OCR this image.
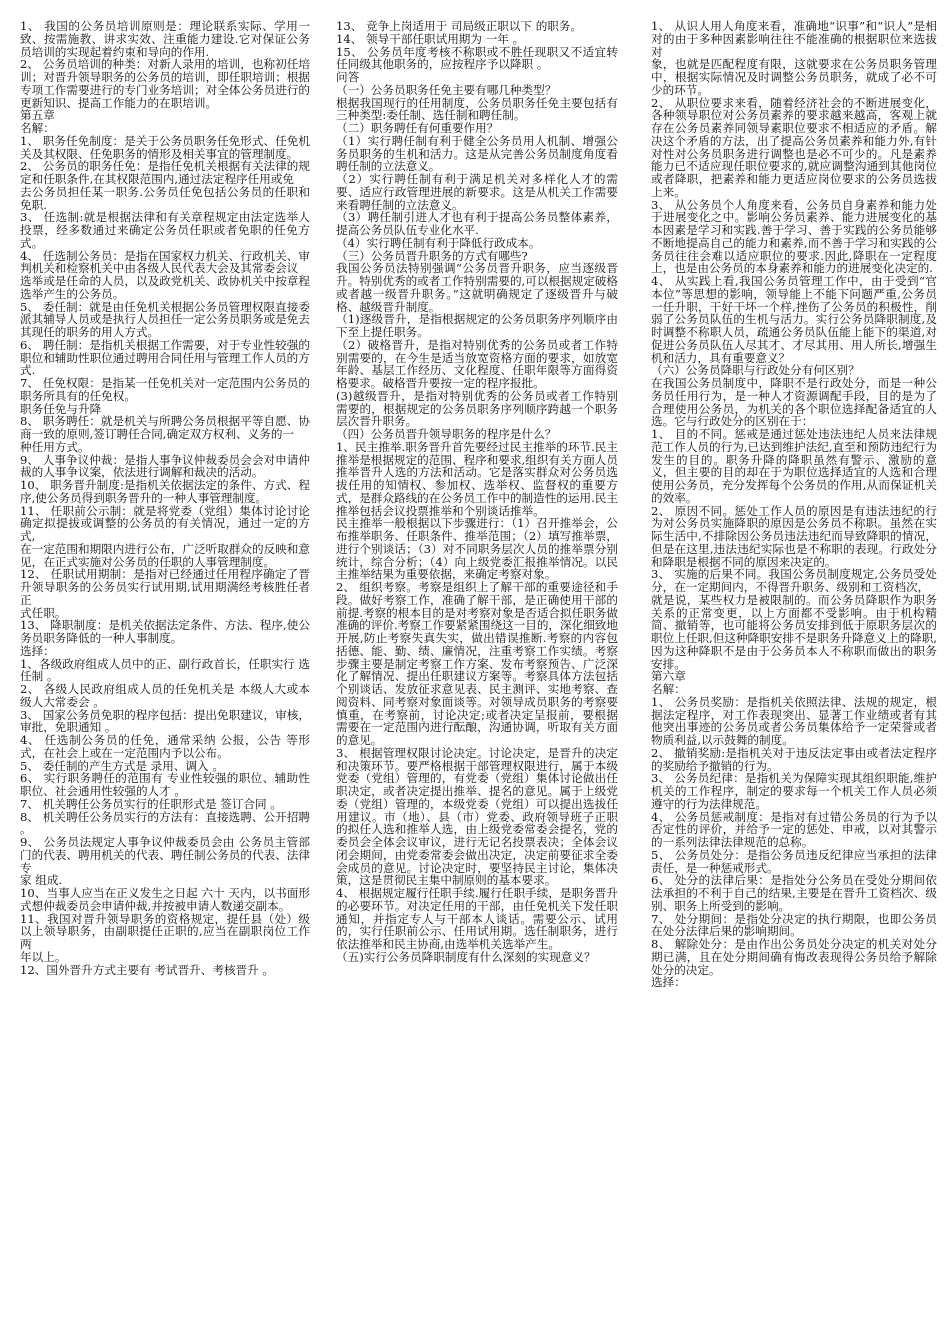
1、 我国的公务员培训原则是：理论联系实际、学用一致、按需施教、讲求实效、注重能力建设.它对保证公务员培训的实现起着约束和导向的作用.

2、 公务员培训的种类：对新人录用的培训，也称初任培训；对晋升领导职务的公务员的培训，即任职培训；根据专项工作需要进行的专门业务培训；对全体公务员进行的更新知识、提高工作能力的在职培训。

第五章

名解：

1、 职务任免制度：是关于公务员职务任免形式、任免机关及其权限、任免职务的情形及相关事宜的管理制度。

2、 公务员的职务任免：是指任免机关根据有关法律的规定和任职条件,在其权限范围内,通过法定程序任用或免

去公务员担任某一职务.公务员任免包括公务员的任职和免职.

3、 任选制:就是根据法律和有关章程规定由法定选举人投票，经多数通过来确定公务员任职或者免职的任免方式。

4、 任选制公务员：是指在国家权力机关、行政机关、审判机关和检察机关中由各级人民代表大会及其常委会议

选举或是任命的人员，以及政党机关、政协机关中按章程选举产生的公务员。

5、 委任制：就是由任免机关根据公务员管理权限直接委派其辅导人员或是执行人员担任一定公务员职务或是免去

其现任的职务的用人方式。

6、 聘任制：是指机关根据工作需要，对于专业性较强的职位和辅助性职位通过聘用合同任用与管理工作人员的方

式.

7、 任免权限：是指某一任免机关对一定范围内公务员的职务所具有的任免权。

职务任免与升降

8、 职务聘任：就是机关与所聘公务员根据平等自愿、协商一致的原则,签订聘任合同,确定双方权利、义务的一

种任用方式。

9、 人事争议仲裁：是指人事争议仲裁委员会会对申请仲裁的人事争议案，依法进行调解和裁决的活动。

10、 职务晋升制度:是指机关依据法定的条件、方式、程序,使公务员得到职务晋升的一种人事管理制度。

11、 任职前公示制：就是将党委（党组）集体讨论讨论确定拟提拔或调整的公务员的有关情况，通过一定的方式,

在一定范围和期限内进行公布，广泛听取群众的反映和意见，在正式实施对公务员的任职的人事管理制度。

12、 任职试用期制：是指对已经通过任用程序确定了晋升领导职务的公务员实行试用期,试用期满经考核胜任者正

式任职。

13、 降职制度：是机关依据法定条件、方法、程序,使公务员职务降低的一种人事制度。

选择：

1、各级政府组成人员中的正、副行政首长，任职实行 选任制 。

2、 各级人民政府组成人员的任免机关是 本级人大或本级人大常委会 。

3、 国家公务员免职的程序包括：提出免职建议，审核，审批，免职通知 。

4、 任选制公务员的任免，通常采纳 公报，公告 等形式，在社会上或在一定范围内予以公布。

5、 委任制的产生方式是 录用、调入 。

6、 实行职务聘任的范围有 专业性较强的职位、辅助性职位、社会通用性较强的人才 。

7、 机关聘任公务员实行的任职形式是 签订合同 。

8、 机关聘任公务员实行的方法有：直接选聘、公开招聘 。

9、 公务员法规定人事争议仲裁委员会由 公务员主管部门的代表、聘用机关的代表、聘任制公务员的代表、法律专

家 组成.

10、当事人应当在正义发生之日起 六十 天内，以书面形式想仲裁委员会申请仲裁,并按被申请人数递交副本。

11、我国对晋升领导职务的资格规定，提任县（处）级以上领导职务，由副职提任正职的,应当在副职岗位工作 两

年以上。

12、国外晋升方式主要有 考试晋升、考核晋升 。

13、 竞争上岗适用于 司局级正职以下 的职务。

14、 领导干部任职试用期为 一年 。

15、 公务员年度考核不称职或不胜任现职又不适宜转任同级其他职务的，应按程序予以降职 。

问答

（一）公务员职务任免主要有哪几种类型？

根据我国现行的任用制度，公务员职务任免主要包括有三种类型:委任制、选任制和聘任制。

（二）职务聘任有何重要作用？

（1）实行聘任制有利于健全公务员用人机制、增强公务员职务的生机和活力。这是从完善公务员制度角度看聘任制的立法意义。

（2）实行聘任制有利于满足机关对多样化人才的需要、适应行政管理进展的新要求。这是从机关工作需要来看聘任制的立法意义。

（3）聘任制引进人才也有利于提高公务员整体素养，提高公务员队伍专业化水平.

（4）实行聘任制有利于降低行政成本。

（三）公务员晋升职务的方式有哪些?

我国公务员法特别强调“公务员晋升职务，应当逐级晋升。特别优秀的或者工作特别需要的,可以根据规定破格或者越一级晋升职务。”这就明确规定了逐级晋升与破格、越级晋升制度。

（1)逐级晋升，是指根据规定的公务员职务序列顺序由下至上提任职务。

（2）破格晋升，是指对特别优秀的公务员或者工作特别需要的，在今生是适当放宽资格方面的要求，如放宽年龄、基层工作经历、文化程度、任职年限等方面得资格要求。破格晋升要按一定的程序报批。

(3)越级晋升，是指对特别优秀的公务员或者工作特别需要的，根据规定的公务员职务序列顺序跨越一个职务层次晋升职务。

（四）公务员晋升领导职务的程序是什么？

1、民主推举.职务晋升首先要经过民主推举的环节.民主推举是根据规定的范围、程序和要求,组织有关方面人员推举晋升人选的方法和活动。它是落实群众对公务员选拔任用的知情权、参加权、选举权、监督权的重要方式，是群众路线的在公务员工作中的制造性的运用.民主推举包括会议投票推举和个别谈话推举。

民主推举一般根据以下步骤进行：（1）召开推举会，公布推举职务、任职条件、推举范围；（2）填写推举票，进行个别谈话；（3）对不同职务层次人员的推举票分别统计，综合分析；（4）向上级党委汇报推举情况。以民主推举结果为重要依据，来确定考察对象。

2、 组织考察。考察是组织上了解干部的重要途径和手段。做好考察工作，准确了解干部，是正确使用干部的前提.考察的根本目的是对考察对象是否适合拟任职务做准确的评价.考察工作要紧紧围绕这一目的，深化细致地开展,防止考察失真失实，做出错误推断.考察的内容包括德、能、勤、绩、廉情况，注重考察工作实绩。考察步骤主要是制定考察工作方案、发布考察预告、广泛深化了解情况、提出任职建议方案等。考察具体方法包括个别谈话、发放征求意见表、民主测评、实地考察、查阅资料、同考察对象面谈等。对领导成员职务的考察要慎重，在考察前，讨论决定;或者决定呈报前，要根据需要在一定范围内进行酝酿，沟通协调，听取有关方面的意见。

3、 根据管理权限讨论决定。讨论决定，是晋升的决定和决策环节。要严格根据干部管理权限进行，属于本级党委（党组）管理的，有党委（党组）集体讨论做出任职决定，或者决定提出推举、提名的意见。属于上级党委（党组）管理的，本级党委（党组）可以提出选拔任用建议。市（地）、县（市）党委、政府领导班子正职的拟任人选和推举人选，由上级党委常委会提名，党的委员会全体会议审议，进行无记名投票表决；全体会议闭会期间，由党委常委会做出决定，决定前要征求全委会成员的意见。讨论决定时，要坚持民主讨论，集体决策，这是贯彻民主集中制原则的基本要求。

4、 根据规定履行任职手续.履行任职手续，是职务晋升的必要环节。对决定任用的干部，由任免机关下发任职通知，并指定专人与干部本人谈话。需要公示、试用的，实行任职前公示、任用试用期。选任制职务，进行依法推举和民主协商,由选举机关选举产生。

（五)实行公务员降职制度有什么深刻的实现意义？

1、 从识人用人角度来看，准确地“识事”和“识人”是相对的由于多种因素影响往往不能准确的根据职位来选拔对

象，也就是匹配程度有限，这就要求在公务员职务管理中，根据实际情况及时调整公务员职务，就成了必不可少的环节。

2、 从职位要求来看，随着经济社会的不断进展变化，各种领导职位对公务员素养的要求越来越高，客观上就存在公务员素养同领导素职位要求不相适应的矛盾。解决这个矛盾的方法，出了提高公务员素养和能力外,有针对性对公务员职务进行调整也是必不可少的。凡是素养能力已不适应现任职位要求的,就应调整沟通到其他岗位或者降职，把素养和能力更适应岗位要求的公务员选拔上来。

3、 从公务员个人角度来看，公务员自身素养和能力处于进展变化之中。影响公务员素养、能力进展变化的基本因素是学习和实践.善于学习、善于实践的公务员能够不断地提高自己的能力和素养,而不善于学习和实践的公务员往往会难以适应职位的要求.因此,降职在一定程度上，也是由公务员的本身素养和能力的进展变化决定的.

4、 从实践上看,我国公务员管理工作中，由于受到“官本位”等思想的影响，领导能上不能下问题严重,公务员一任升职，干好干坏一个样,挫伤了公务员的积极性，削弱了公务员队伍的生机与活力。实行公务员降职制度,及时调整不称职人员，疏通公务员队伍能上能下的渠道,对促进公务员队伍人尽其才、才尽其用、用人所长,增强生机和活力，具有重要意义？

（六）公务员降职与行政处分有何区别？

在我国公务员制度中，降职不是行政处分，而是一种公务员任用行为，是一种人才资源调配手段，目的是为了合理使用公务员，为机关的各个职位选择配备适宜的人选。它与行政处分的区别在于：

1、 目的不同。惩戒是通过惩处违法违纪人员来法律规范工作人员的行为,已达到维护法纪,直至和预防违纪行为发生的目的。职务升降的降职虽然有警示、激励的意义，但主要的目的却在于为职位选择适宜的人选和合理使用公务员，充分发挥每个公务员的作用,从而保证机关的效率。

2、 原因不同。惩处工作人员的原因是有违法违纪的行为对公务员实施降职的原因是公务员不称职。虽然在实际生活中,不排除因公务员违法违纪而导致降职的情况，但是在这里,违法违纪实际也是不称职的表现。行政处分和降职是根据不同的原因来决定的。

3、 实施的后果不同。我国公务员制度规定,公务员受处分，在一定期间内，不得晋升职务、级别和工资档次，

就是说，某些权力是被限制的。而公务员降职作为职务关系的正常变更，以上方面都不受影响。由于机构精简、撤销等，也可能将公务员安排到低于原职务层次的职位上任职,但这种降职安排不是职务升降意义上的降职,因为这种降职不是由于公务员本人不称职而做出的职务安排。

第六章

名解：

1、 公务员奖励：是指机关依照法律、法规的规定，根据法定程序，对工作表现突出、显著工作业绩或者有其他突出事迹的公务员或者公务员集体给予一定荣誉或者物质利益,以示鼓舞的制度。

2、 撤销奖励:是指机关对于违反法定事由或者法定程序的奖励给予撤销的行为。

3、 公务员纪律：是指机关为保障实现其组织职能,维护机关的工作程序，制定的要求每一个机关工作人员必须遵守的行为法律规范。

4、 公务员惩戒制度：是指对有过错公务员的行为予以否定性的评价，并给予一定的惩处、申戒，以对其警示的一系列法律法律规范的总称。

5、 公务员处分：是指公务员违反纪律应当承担的法律责任，是一种惩戒形式。

6、 处分的法律后果：是指处分公务员在受处分期间依法承担的不利于自己的结果,主要是在晋升工资档次、级别、职务上所受到的影响。

7、 处分期间：是指处分决定的执行期限，也即公务员在处分法律后果的影响期间。

8、 解除处分：是由作出公务员处分决定的机关对处分期已满，且在处分期间确有悔改表现得公务员给予解除处分的决定。

选择：
